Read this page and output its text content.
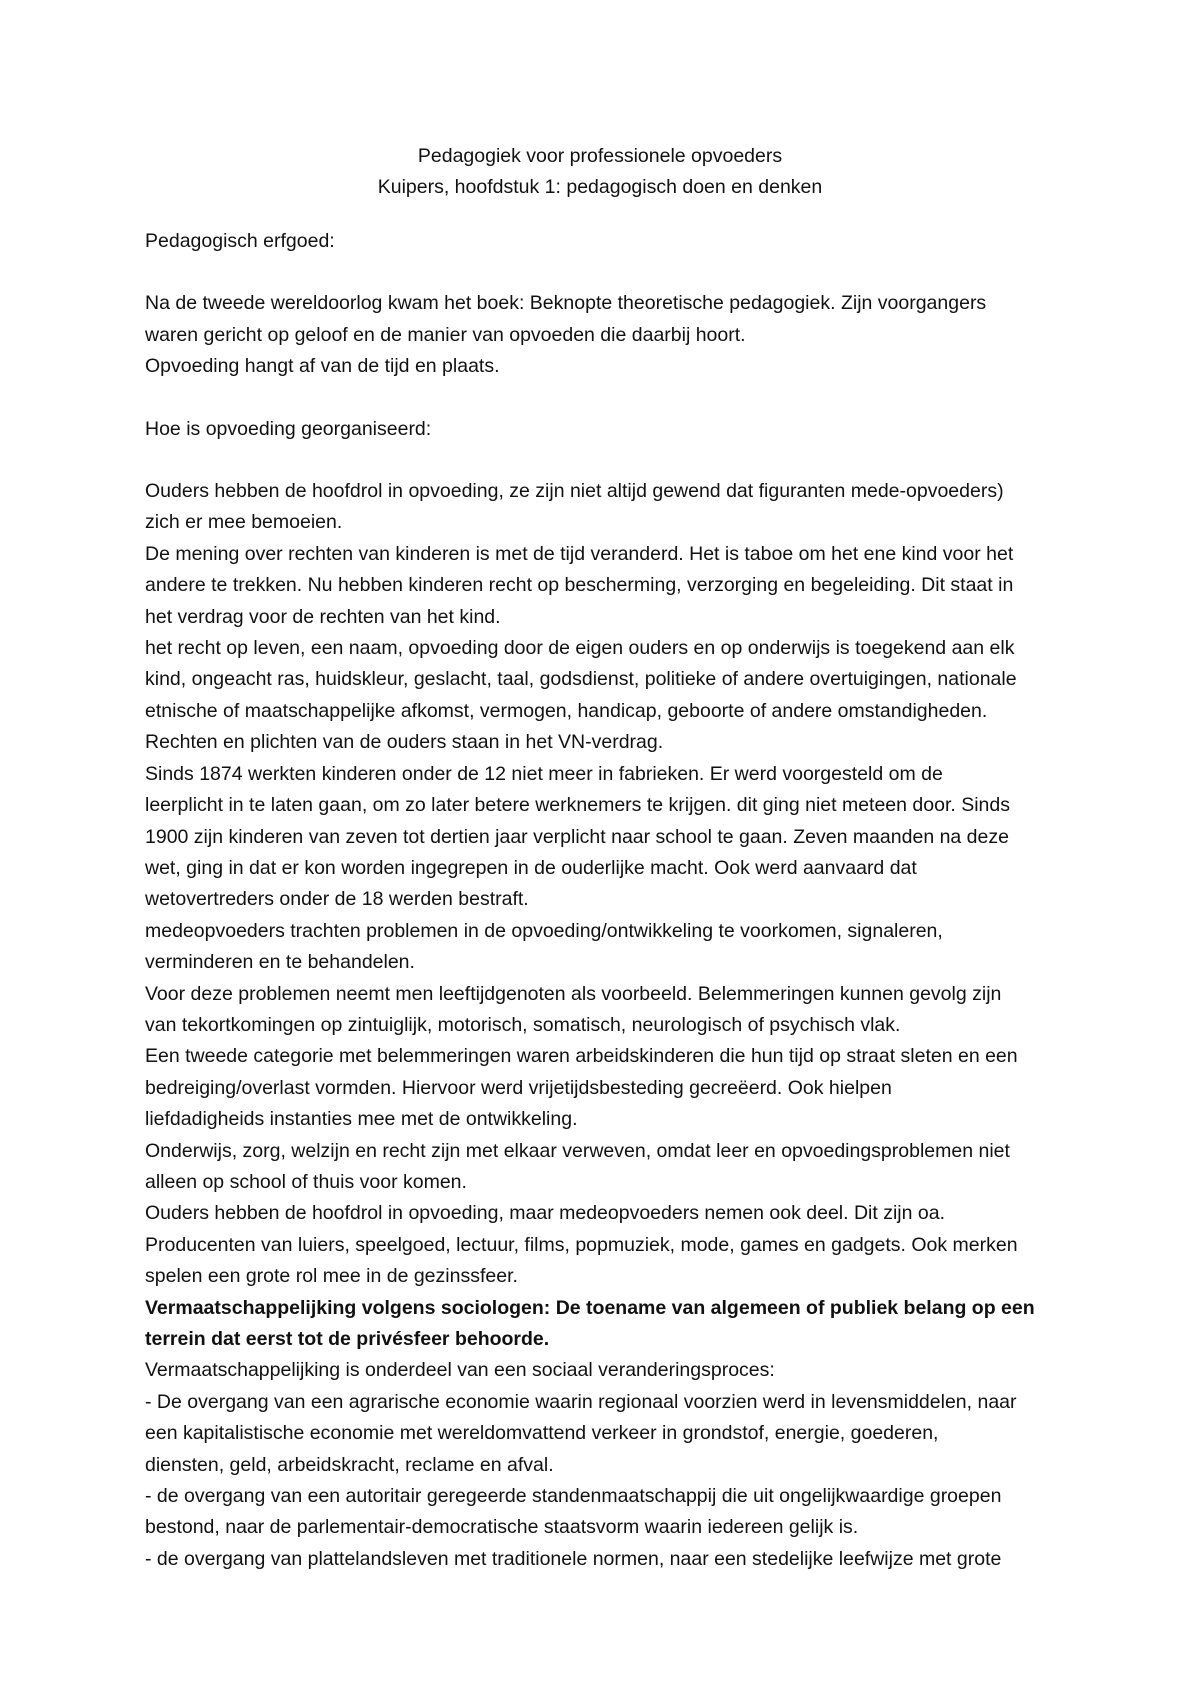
Pedagogiek voor professionele opvoeders
Kuipers, hoofdstuk 1: pedagogisch doen en denken

Pedagogisch erfgoed:

Na de tweede wereldoorlog kwam het boek: Beknopte theoretische pedagogiek. Zijn voorgangers
waren gericht op geloof en de manier van opvoeden die daarbij hoort.
Opvoeding hangt af van de tijd en plaats.

Hoe is opvoeding georganiseerd:

Ouders hebben de hoofdrol in opvoeding, ze zijn niet altijd gewend dat figuranten mede-opvoeders)
zich er mee bemoeien.
De mening over rechten van kinderen is met de tijd veranderd. Het is taboe om het ene kind voor het
andere te trekken. Nu hebben kinderen recht op bescherming, verzorging en begeleiding. Dit staat in
het verdrag voor de rechten van het kind.
het recht op leven, een naam, opvoeding door de eigen ouders en op onderwijs is toegekend aan elk
kind, ongeacht ras, huidskleur, geslacht, taal, godsdienst, politieke of andere overtuigingen, nationale
etnische of maatschappelijke afkomst, vermogen, handicap, geboorte of andere omstandigheden.
Rechten en plichten van de ouders staan in het VN-verdrag.
Sinds 1874 werkten kinderen onder de 12 niet meer in fabrieken. Er werd voorgesteld om de
leerplicht in te laten gaan, om zo later betere werknemers te krijgen. dit ging niet meteen door. Sinds
1900 zijn kinderen van zeven tot dertien jaar verplicht naar school te gaan. Zeven maanden na deze
wet, ging in dat er kon worden ingegrepen in de ouderlijke macht. Ook werd aanvaard dat
wetovertreders onder de 18 werden bestraft.
medeopvoeders trachten problemen in de opvoeding/ontwikkeling te voorkomen, signaleren,
verminderen en te behandelen.
Voor deze problemen neemt men leeftijdgenoten als voorbeeld. Belemmeringen kunnen gevolg zijn
van tekortkomingen op zintuiglijk, motorisch, somatisch, neurologisch of psychisch vlak.
Een tweede categorie met belemmeringen waren arbeidskinderen die hun tijd op straat sleten en een
bedreiging/overlast vormden. Hiervoor werd vrijetijdsbesteding gecreëerd. Ook hielpen
liefdadigheids instanties mee met de ontwikkeling.
Onderwijs, zorg, welzijn en recht zijn met elkaar verweven, omdat leer en opvoedingsproblemen niet
alleen op school of thuis voor komen.
Ouders hebben de hoofdrol in opvoeding, maar medeopvoeders nemen ook deel. Dit zijn oa.
Producenten van luiers, speelgoed, lectuur, films, popmuziek, mode, games en gadgets. Ook merken
spelen een grote rol mee in de gezinssfeer.
Vermaatschappelijking volgens sociologen: De toename van algemeen of publiek belang op een
terrein dat eerst tot de privésfeer behoorde.
Vermaatschappelijking is onderdeel van een sociaal veranderingsproces:
- De overgang van een agrarische economie waarin regionaal voorzien werd in levensmiddelen, naar
een kapitalistische economie met wereldomvattend verkeer in grondstof, energie, goederen,
diensten, geld, arbeidskracht, reclame en afval.
- de overgang van een autoritair geregeerde standenmaatschappij die uit ongelijkwaardige groepen
bestond, naar de parlementair-democratische staatsvorm waarin iedereen gelijk is.
- de overgang van plattelandsleven met traditionele normen, naar een stedelijke leefwijze met grote
